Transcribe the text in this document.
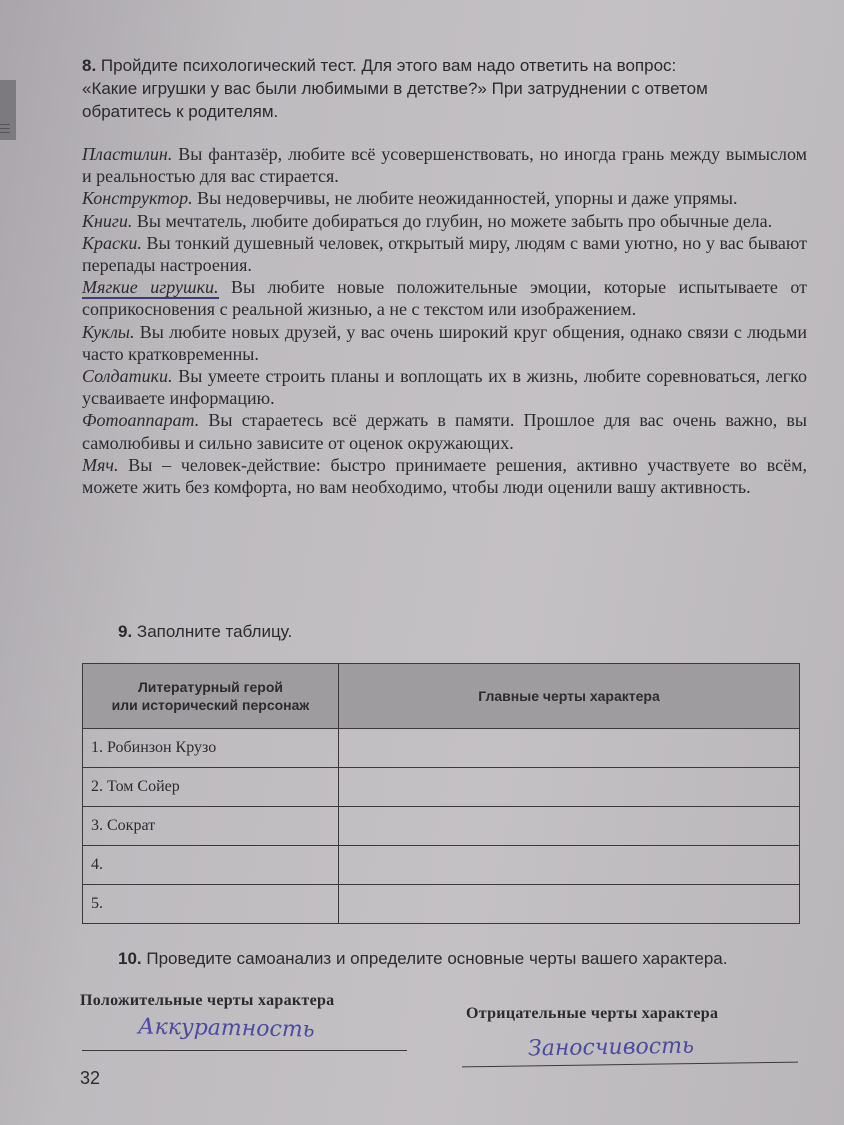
8. Пройдите психологический тест. Для этого вам надо ответить на вопрос:
«Какие игрушки у вас были любимыми в детстве?» При затруднении с ответом
обратитесь к родителям.

Пластилин. Вы фантазёр, любите всё усовершенствовать, но иногда грань между вымыслом и реальностью для вас стирается.

Конструктор. Вы недоверчивы, не любите неожиданностей, упорны и даже упрямы.

Книги. Вы мечтатель, любите добираться до глубин, но можете забыть про обычные дела.

Краски. Вы тонкий душевный человек, открытый миру, людям с вами уютно, но у вас бывают перепады настроения.

Мягкие игрушки. Вы любите новые положительные эмоции, которые испытываете от соприкосновения с реальной жизнью, а не с текстом или изображением.

Куклы. Вы любите новых друзей, у вас очень широкий круг общения, однако связи с людьми часто кратковременны.

Солдатики. Вы умеете строить планы и воплощать их в жизнь, любите соревноваться, легко усваиваете информацию.

Фотоаппарат. Вы стараетесь всё держать в памяти. Прошлое для вас очень важно, вы самолюбивы и сильно зависите от оценок окружающих.

Мяч. Вы – человек-действие: быстро принимаете решения, активно участвуете во всём, можете жить без комфорта, но вам необходимо, чтобы люди оценили вашу активность.

9. Заполните таблицу.
Литературный герой
или исторический персонаж	Главные черты характера
1. Робинзон Крузо	
2. Том Сойер	
3. Сократ	
4.	
5.	
10. Проведите самоанализ и определите основные черты вашего характера.
Положительные черты характера
Отрицательные черты характера
Аккуратность
Заносчивость
32
